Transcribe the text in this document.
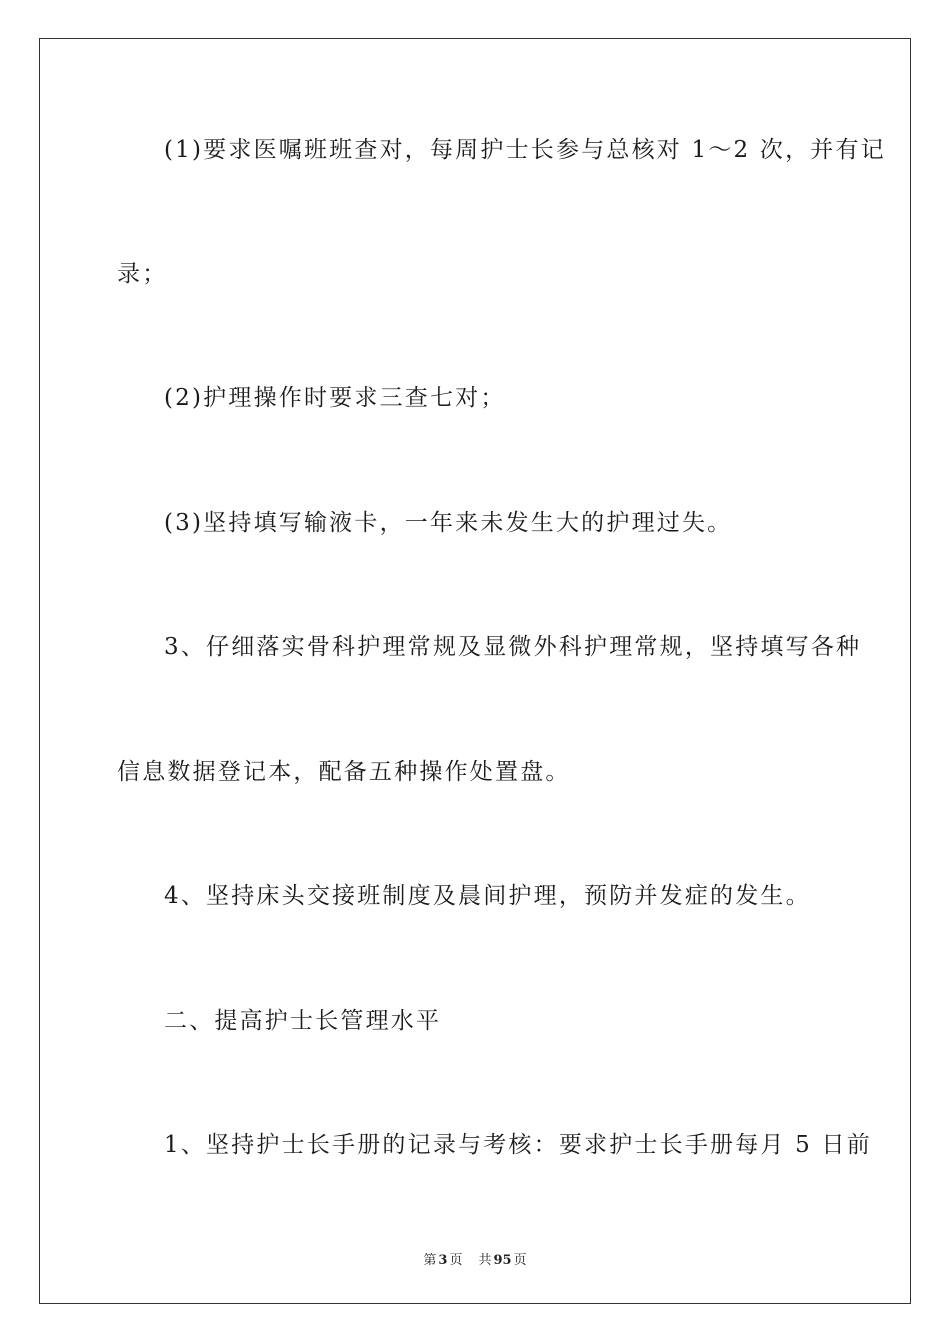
(1)要求医嘱班班查对，每周护士长参与总核对 1～2 次，并有记
录；
(2)护理操作时要求三查七对；
(3)坚持填写输液卡，一年来未发生大的护理过失。
3、仔细落实骨科护理常规及显微外科护理常规，坚持填写各种
信息数据登记本，配备五种操作处置盘。
4、坚持床头交接班制度及晨间护理，预防并发症的发生。
二、提高护士长管理水平
1、坚持护士长手册的记录与考核：要求护士长手册每月 5 日前
第 3 页 共 95 页
